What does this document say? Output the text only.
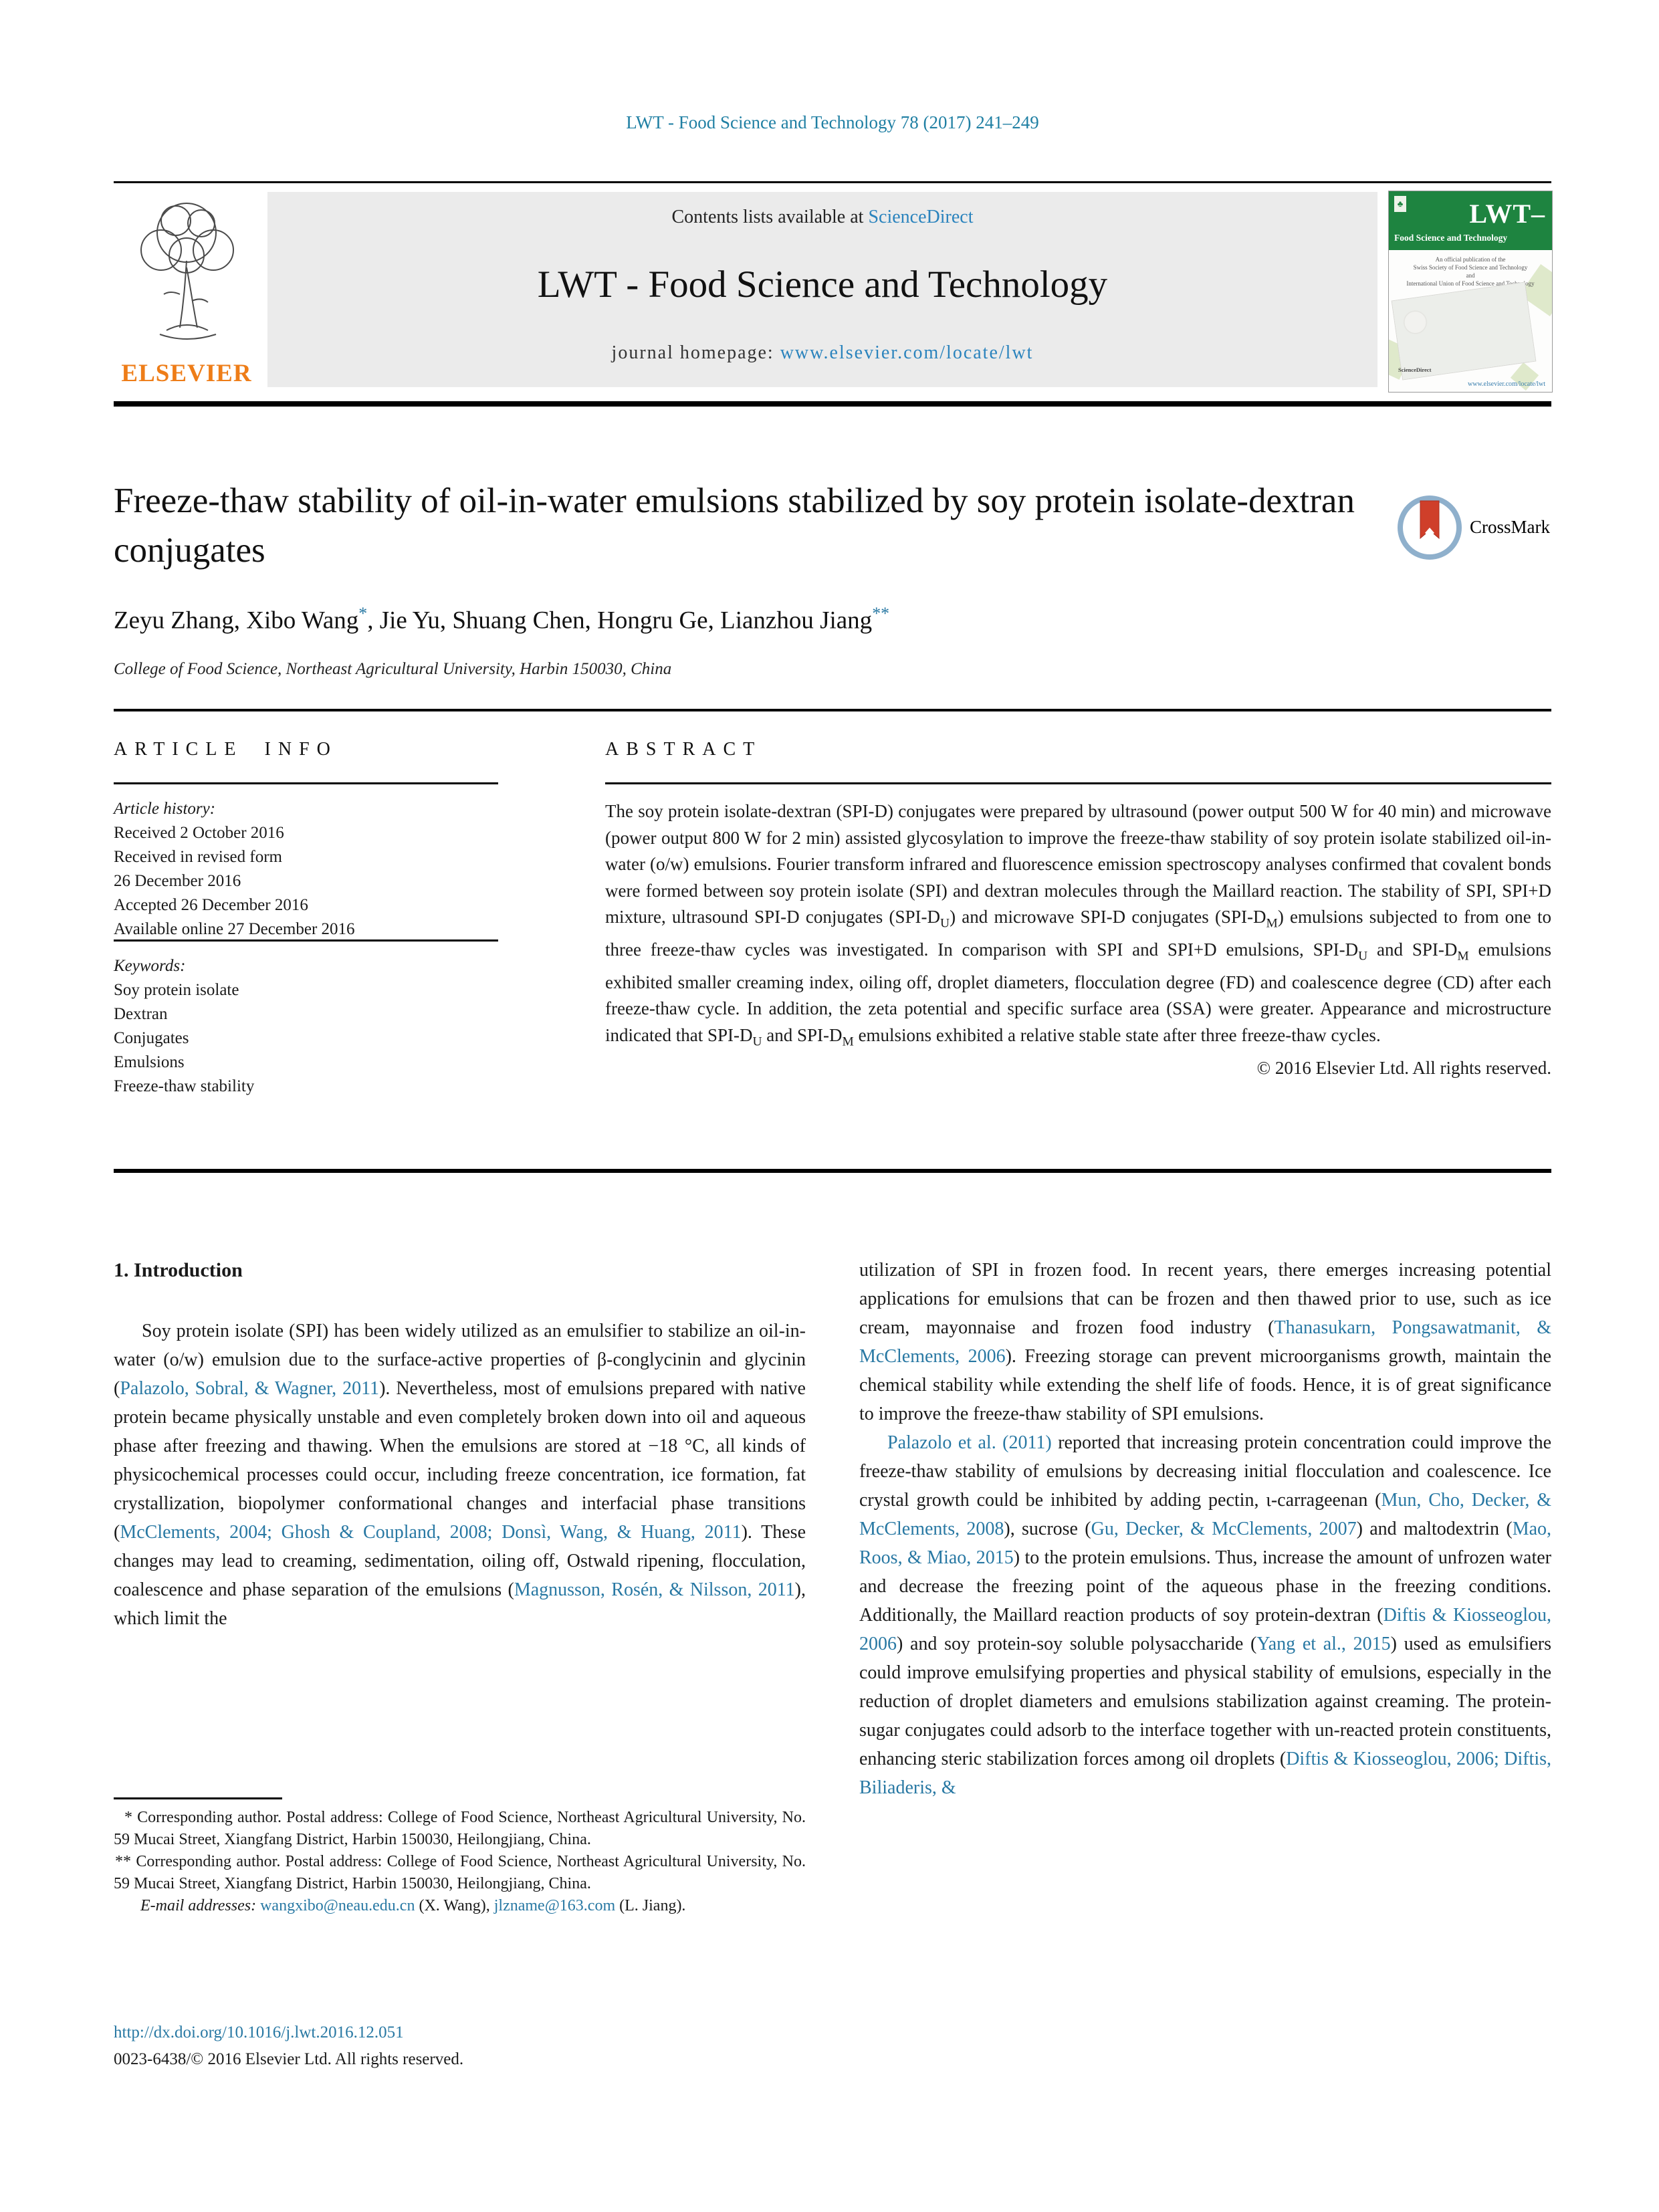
LWT - Food Science and Technology 78 (2017) 241–249
ELSEVIER
Contents lists available at ScienceDirect
LWT - Food Science and Technology
journal homepage: www.elsevier.com/locate/lwt
♣ LWT–
Food Science and Technology
An official publication of the
Swiss Society of Food Science and Technology
and
International Union of Food Science and Technology
ScienceDirect
www.elsevier.com/locate/lwt
Freeze-thaw stability of oil-in-water emulsions stabilized by soy protein isolate-dextran conjugates
CrossMark
Zeyu Zhang, Xibo Wang*, Jie Yu, Shuang Chen, Hongru Ge, Lianzhou Jiang**
College of Food Science, Northeast Agricultural University, Harbin 150030, China
ARTICLE INFO
Article history:
Received 2 October 2016
Received in revised form
26 December 2016
Accepted 26 December 2016
Available online 27 December 2016
Keywords:
Soy protein isolate
Dextran
Conjugates
Emulsions
Freeze-thaw stability
ABSTRACT
The soy protein isolate-dextran (SPI-D) conjugates were prepared by ultrasound (power output 500 W for 40 min) and microwave (power output 800 W for 2 min) assisted glycosylation to improve the freeze-thaw stability of soy protein isolate stabilized oil-in-water (o/w) emulsions. Fourier transform infrared and fluorescence emission spectroscopy analyses confirmed that covalent bonds were formed between soy protein isolate (SPI) and dextran molecules through the Maillard reaction. The stability of SPI, SPI+D mixture, ultrasound SPI-D conjugates $(SPI-D_U)$ and microwave SPI-D conjugates $(SPI-D_M)$ emulsions subjected to from one to three freeze-thaw cycles was investigated. In comparison with SPI and SPI+D emulsions, SPI-$D_U$ and SPI-$D_M$ emulsions exhibited smaller creaming index, oiling off, droplet diameters, flocculation degree (FD) and coalescence degree (CD) after each freeze-thaw cycle. In addition, the zeta potential and specific surface area (SSA) were greater. Appearance and microstructure indicated that SPI-$D_U$ and SPI-$D_M$ emulsions exhibited a relative stable state after three freeze-thaw cycles.
© 2016 Elsevier Ltd. All rights reserved.
1. Introduction
Soy protein isolate (SPI) has been widely utilized as an emulsifier to stabilize an oil-in-water (o/w) emulsion due to the surface-active properties of β-conglycinin and glycinin (Palazolo, Sobral, & Wagner, 2011). Nevertheless, most of emulsions prepared with native protein became physically unstable and even completely broken down into oil and aqueous phase after freezing and thawing. When the emulsions are stored at −18 °C, all kinds of physicochemical processes could occur, including freeze concentration, ice formation, fat crystallization, biopolymer conformational changes and interfacial phase transitions (McClements, 2004; Ghosh & Coupland, 2008; Donsì, Wang, & Huang, 2011). These changes may lead to creaming, sedimentation, oiling off, Ostwald ripening, flocculation, coalescence and phase separation of the emulsions (Magnusson, Rosén, & Nilsson, 2011), which limit the
utilization of SPI in frozen food. In recent years, there emerges increasing potential applications for emulsions that can be frozen and then thawed prior to use, such as ice cream, mayonnaise and frozen food industry (Thanasukarn, Pongsawatmanit, & McClements, 2006). Freezing storage can prevent microorganisms growth, maintain the chemical stability while extending the shelf life of foods. Hence, it is of great significance to improve the freeze-thaw stability of SPI emulsions.
Palazolo et al. (2011) reported that increasing protein concentration could improve the freeze-thaw stability of emulsions by decreasing initial flocculation and coalescence. Ice crystal growth could be inhibited by adding pectin, ι-carrageenan (Mun, Cho, Decker, & McClements, 2008), sucrose (Gu, Decker, & McClements, 2007) and maltodextrin (Mao, Roos, & Miao, 2015) to the protein emulsions. Thus, increase the amount of unfrozen water and decrease the freezing point of the aqueous phase in the freezing conditions. Additionally, the Maillard reaction products of soy protein-dextran (Diftis & Kiosseoglou, 2006) and soy protein-soy soluble polysaccharide (Yang et al., 2015) used as emulsifiers could improve emulsifying properties and physical stability of emulsions, especially in the reduction of droplet diameters and emulsions stabilization against creaming. The protein-sugar conjugates could adsorb to the interface together with un-reacted protein constituents, enhancing steric stabilization forces among oil droplets (Diftis & Kiosseoglou, 2006; Diftis, Biliaderis, &
* Corresponding author. Postal address: College of Food Science, Northeast Agricultural University, No. 59 Mucai Street, Xiangfang District, Harbin 150030, Heilongjiang, China.
** Corresponding author. Postal address: College of Food Science, Northeast Agricultural University, No. 59 Mucai Street, Xiangfang District, Harbin 150030, Heilongjiang, China.
E-mail addresses: wangxibo@neau.edu.cn (X. Wang), jlzname@163.com (L. Jiang).
http://dx.doi.org/10.1016/j.lwt.2016.12.051
0023-6438/© 2016 Elsevier Ltd. All rights reserved.
